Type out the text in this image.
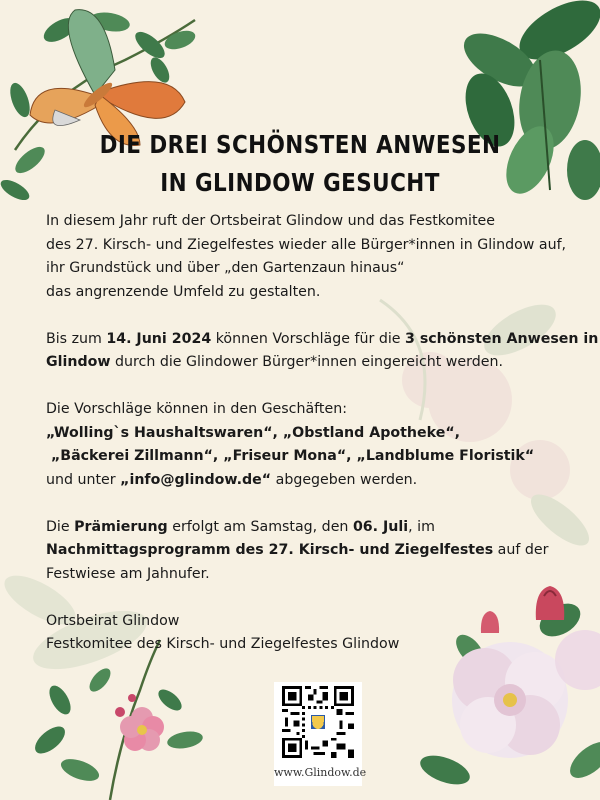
DIE DREI SCHÖNSTEN ANWESEN
IN GLINDOW GESUCHT

In diesem Jahr ruft der Ortsbeirat Glindow und das Festkomitee
des 27. Kirsch- und Ziegelfestes wieder alle Bürger*innen in Glindow auf,
ihr Grundstück und über „den Gartenzaun hinaus“
das angrenzende Umfeld zu gestalten.

Bis zum 14. Juni 2024 können Vorschläge für die 3 schönsten Anwesen in
Glindow durch die Glindower Bürger*innen eingereicht werden.

Die Vorschläge können in den Geschäften:
„Wolling`s Haushaltswaren“, „Obstland Apotheke“,
„Bäckerei Zillmann“, „Friseur Mona“, „Landblume Floristik“
und unter „info@glindow.de“ abgegeben werden.

Die Prämierung erfolgt am Samstag, den 06. Juli, im
Nachmittagsprogramm des 27. Kirsch- und Ziegelfestes auf der
Festwiese am Jahnufer.

Ortsbeirat Glindow
Festkomitee des Kirsch- und Ziegelfestes Glindow

www.Glindow.de
